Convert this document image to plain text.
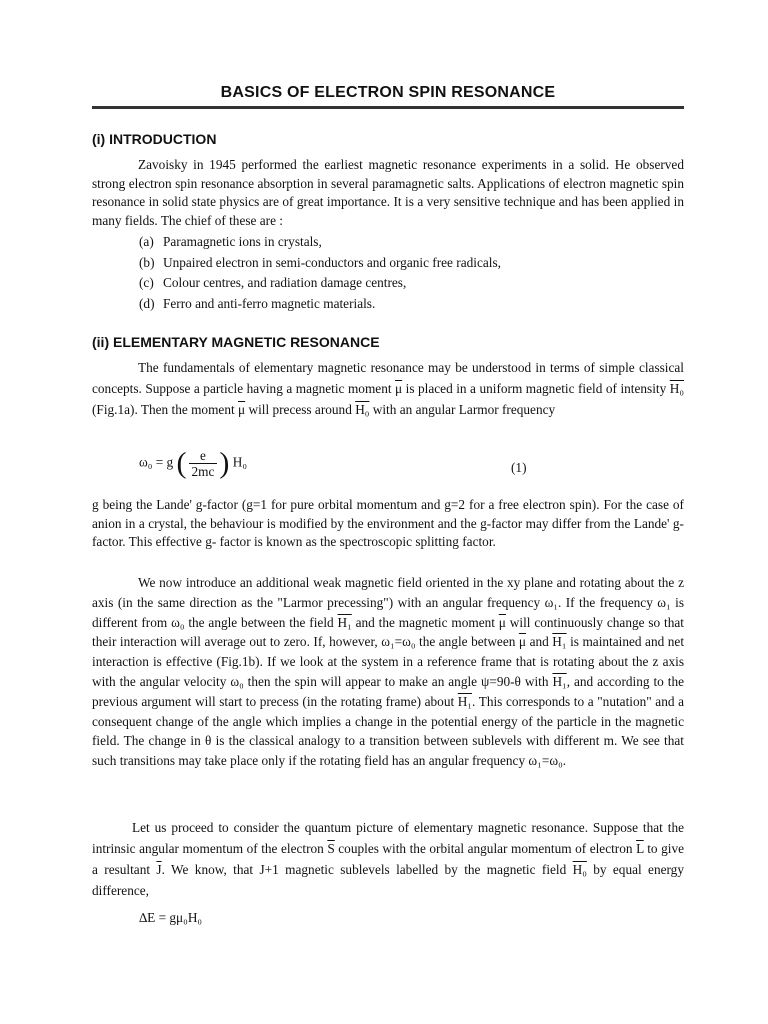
BASICS OF ELECTRON SPIN RESONANCE
(i) INTRODUCTION

Zavoisky in 1945 performed the earliest magnetic resonance experiments in a solid. He observed strong electron spin resonance absorption in several paramagnetic salts. Applications of electron magnetic spin resonance in solid state physics are of great importance. It is a very sensitive technique and has been applied in many fields. The chief of these are :

(a) Paramagnetic ions in crystals,
(b) Unpaired electron in semi-conductors and organic free radicals,
(c) Colour centres, and radiation damage centres,
(d) Ferro and anti-ferro magnetic materials.
(ii) ELEMENTARY MAGNETIC RESONANCE

The fundamentals of elementary magnetic resonance may be understood in terms of simple classical concepts. Suppose a particle having a magnetic moment $\overline{\mu}$ is placed in a uniform magnetic field of intensity H₀ (Fig.1a). Then the moment $\overline{\mu}$ will precess around H₀ with an angular Larmor frequency

ω₀ = g ( $\frac{e}{2mc}$ ) H₀	(1)

g being the Lande' g-factor (g=1 for pure orbital momentum and g=2 for a free electron spin). For the case of anion in a crystal, the behaviour is modified by the environment and the g-factor may differ from the Lande' g-factor. This effective g- factor is known as the spectroscopic splitting factor.

We now introduce an additional weak magnetic field oriented in the xy plane and rotating about the z axis (in the same direction as the "Larmor precessing") with an angular frequency ω₁. If the frequency ω₁ is different from ω₀ the angle between the field H₁ and the magnetic moment $\overline{\mu}$ will continuously change so that their interaction will average out to zero. If, however, ω₁=ω₀ the angle between $\overline{\mu}$ and H₁ is maintained and net interaction is effective (Fig.1b). If we look at the system in a reference frame that is rotating about the z axis with the angular velocity ω₀ then the spin will appear to make an angle ψ=90-θ with H₁, and according to the previous argument will start to precess (in the rotating frame) about H₁. This corresponds to a "nutation" and a consequent change of the angle which implies a change in the potential energy of the particle in the magnetic field. The change in θ is the classical analogy to a transition between sublevels with different m. We see that such transitions may take place only if the rotating field has an angular frequency ω₁=ω₀.

Let us proceed to consider the quantum picture of elementary magnetic resonance. Suppose that the intrinsic angular momentum of the electron $\overline{S}$ couples with the orbital angular momentum of electron $\overline{L}$ to give a resultant $\overline{J}$. We know, that J+1 magnetic sublevels labelled by the magnetic field H₀ by equal energy difference,

∆E = gμ₀H₀
